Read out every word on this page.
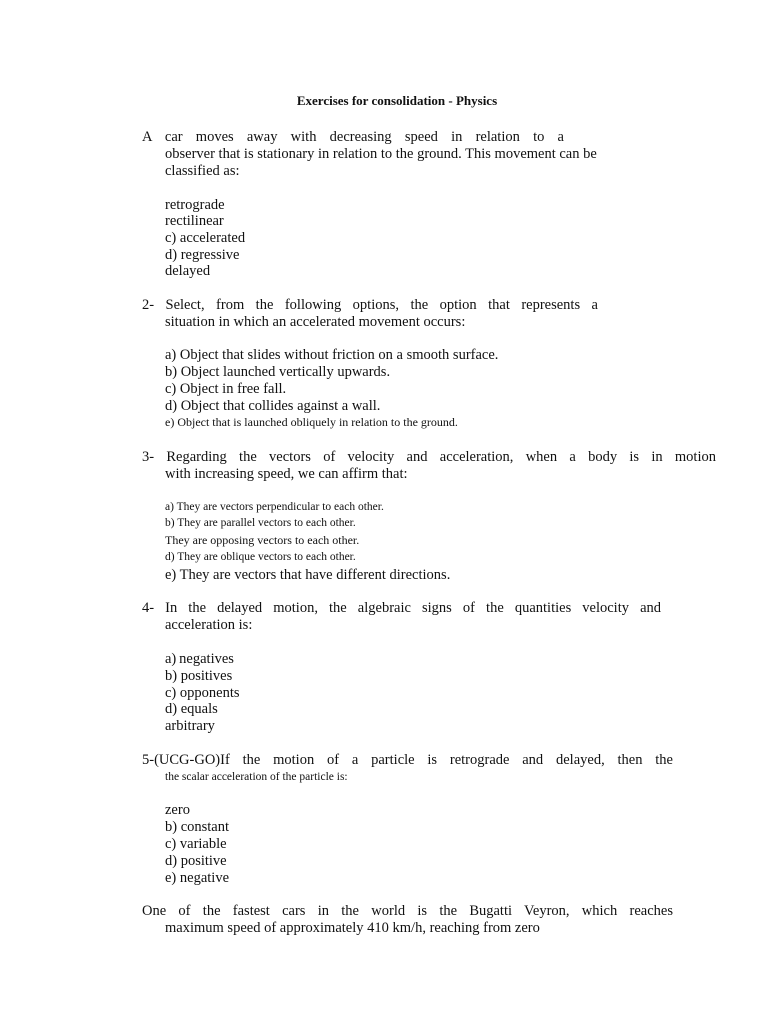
Exercises for consolidation - Physics
A car moves away with decreasing speed in relation to a
observer that is stationary in relation to the ground. This movement can be
classified as:
retrograde
rectilinear
c) accelerated
d) regressive
delayed
2- Select, from the following options, the option that represents a
situation in which an accelerated movement occurs:
a) Object that slides without friction on a smooth surface.
b) Object launched vertically upwards.
c) Object in free fall.
d) Object that collides against a wall.
e) Object that is launched obliquely in relation to the ground.
3- Regarding the vectors of velocity and acceleration, when a body is in motion
with increasing speed, we can affirm that:
a) They are vectors perpendicular to each other.
b) They are parallel vectors to each other.
They are opposing vectors to each other.
d) They are oblique vectors to each other.
e) They are vectors that have different directions.
4- In the delayed motion, the algebraic signs of the quantities velocity and
acceleration is:
a) negatives
b) positives
c) opponents
d) equals
arbitrary
5-(UCG-GO)If the motion of a particle is retrograde and delayed, then the
the scalar acceleration of the particle is:
zero
b) constant
c) variable
d) positive
e) negative
One of the fastest cars in the world is the Bugatti Veyron, which reaches
maximum speed of approximately 410 km/h, reaching from zero
